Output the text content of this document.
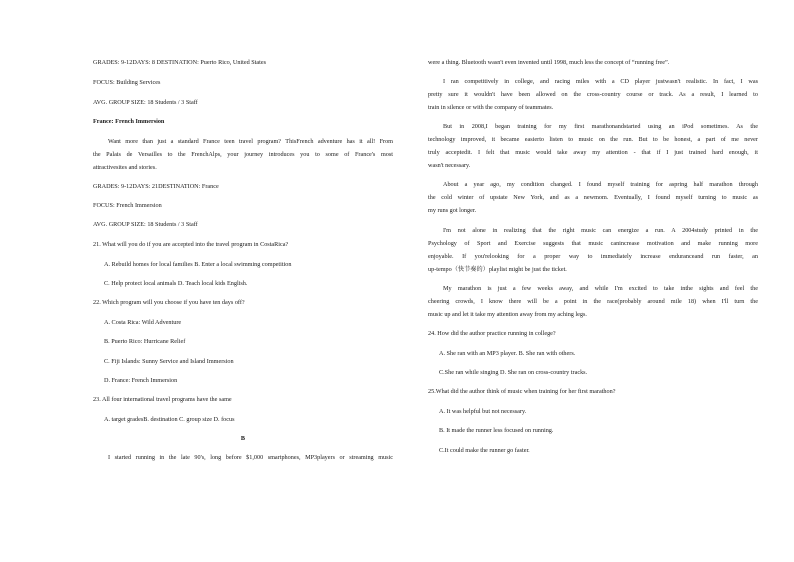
GRADES: 9-12DAYS: 8 DESTINATION: Puerto Rico, United States
FOCUS: Building Services
AVG. GROUP SIZE: 18 Students / 3 Staff
France: French Immersion
Want more than just a standard France teen travel program? ThisFrench adventure has it all! From
the Palais de Versailles to the FrenchAlps, your journey introduces you to some of France's most
attractivesites and stories.
GRADES: 9-12DAYS: 21DESTINATION: France
FOCUS: French Immersion
AVG. GROUP SIZE: 18 Students / 3 Staff
21. What will you do if you are accepted into the travel program in CostaRica?
A. Rebuild homes for local families B. Enter a local swimming competition
C. Help protect local animals D. Teach local kids English.
22. Which program will you choose if you have ten days off?
A. Costa Rica: Wild Adventure
B. Puerto Rico: Hurricane Relief
C. Fiji Islands: Sunny Service and Island Immersion
D. France: French Immersion
23. All four international travel programs have the same
A. target gradesB. destination C. group size D. focus
B
I started running in the late 90's, long before $1,000 smartphones, MP3players or streaming music
were a thing. Bluetooth wasn't even invented until 1998, much less the concept of “running free”.
I ran competitively in college, and racing miles with a CD player justwasn't realistic. In fact, I was
pretty sure it wouldn't have been allowed on the cross-country course or track. As a result, I learned to
train in silence or with the company of teammates.
But in 2008,I began training for my first marathonandstarted using an iPod sometimes. As the
technology improved, it became easierto listen to music on the run. But to be honest, a part of me never
truly acceptedit. I felt that music would take away my attention - that if I just trained hard enough, it
wasn't necessary.
About a year ago, my condition changed. I found myself training for aspring half marathon through
the cold winter of upstate New York, and as a newmom. Eventually, I found myself turning to music as
my runs got longer.
I'm not alone in realizing that the right music can energize a run. A 2004study printed in the
Psychology of Sport and Exercise suggests that music canincrease motivation and make running more
enjoyable. If you'relooking for a proper way to immediately increase enduranceand run faster, an
up-tempo（快节奏的）playlist might be just the ticket.
My marathon is just a few weeks away, and while I'm excited to take inthe sights and feel the
cheering crowds, I know there will be a point in the race(probably around mile 18) when I'll turn the
music up and let it take my attention away from my aching legs.
24. How did the author practice running in college?
A. She ran with an MP3 player. B. She ran with others.
C.She ran while singing D. She ran on cross-country tracks.
25.What did the author think of music when training for her first marathon?
A. It was helpful but not necessary.
B. It made the runner less focused on running.
C.It could make the runner go faster.
